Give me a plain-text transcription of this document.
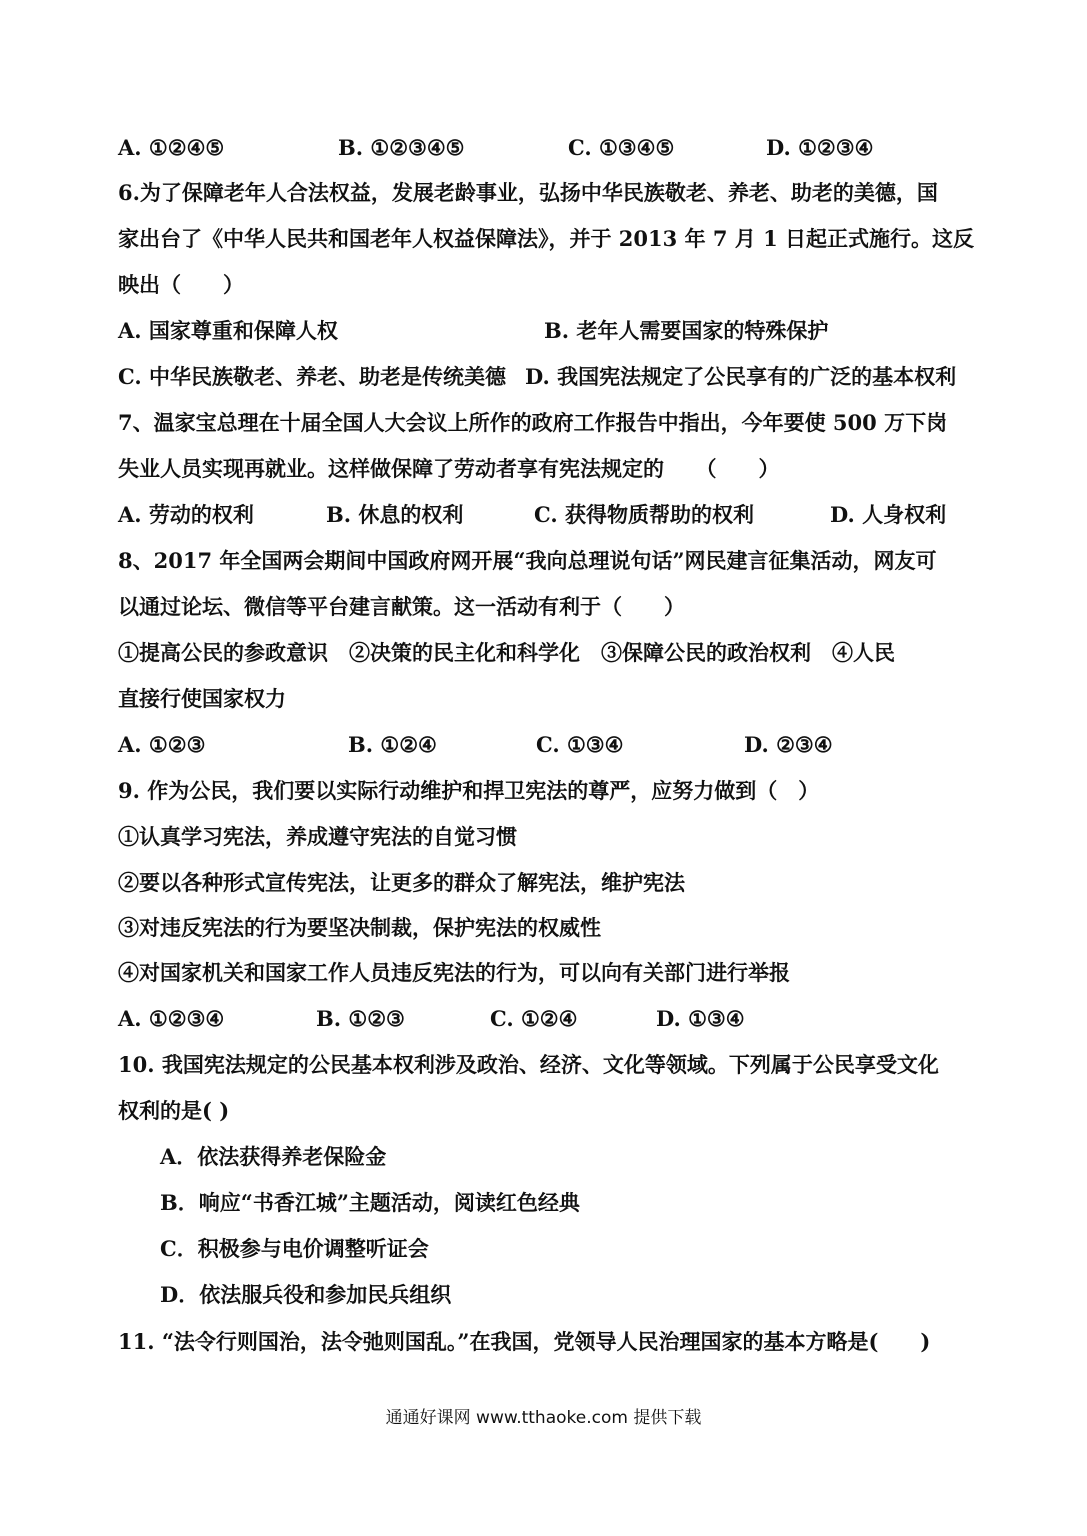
A. ①②④⑤	B. ①②③④⑤	C. ①③④⑤	D. ①②③④
6.为了保障老年人合法权益，发展老龄事业，弘扬中华民族敬老、养老、助老的美德，国
家出台了《中华人民共和国老年人权益保障法》，并于 2013 年 7 月 1 日起正式施行。这反
映出（　　）
A. 国家尊重和保障人权	B. 老年人需要国家的特殊保护
C. 中华民族敬老、养老、助老是传统美德 D. 我国宪法规定了公民享有的广泛的基本权利
7、温家宝总理在十届全国人大会议上所作的政府工作报告中指出，今年要使 500 万下岗
失业人员实现再就业。这样做保障了劳动者享有宪法规定的　　（　　）
A. 劳动的权利	B. 休息的权利	C. 获得物质帮助的权利	D. 人身权利
8、2017 年全国两会期间中国政府网开展“我向总理说句话”网民建言征集活动，网友可
以通过论坛、微信等平台建言献策。这一活动有利于（　　）
①提高公民的参政意识　②决策的民主化和科学化　③保障公民的政治权利　④人民
直接行使国家权力
A. ①②③	B. ①②④	C. ①③④	D. ②③④
9. 作为公民，我们要以实际行动维护和捍卫宪法的尊严，应努力做到（　）
①认真学习宪法，养成遵守宪法的自觉习惯
②要以各种形式宣传宪法，让更多的群众了解宪法，维护宪法
③对违反宪法的行为要坚决制裁，保护宪法的权威性
④对国家机关和国家工作人员违反宪法的行为，可以向有关部门进行举报
A. ①②③④	B. ①②③	C. ①②④	D. ①③④
10. 我国宪法规定的公民基本权利涉及政治、经济、文化等领域。下列属于公民享受文化
权利的是( )
A．依法获得养老保险金
B．响应“书香江城”主题活动，阅读红色经典
C．积极参与电价调整听证会
D．依法服兵役和参加民兵组织
11. “法令行则国治，法令弛则国乱。”在我国，党领导人民治理国家的基本方略是(　　)
通通好课网 www.tthaoke.com 提供下载
